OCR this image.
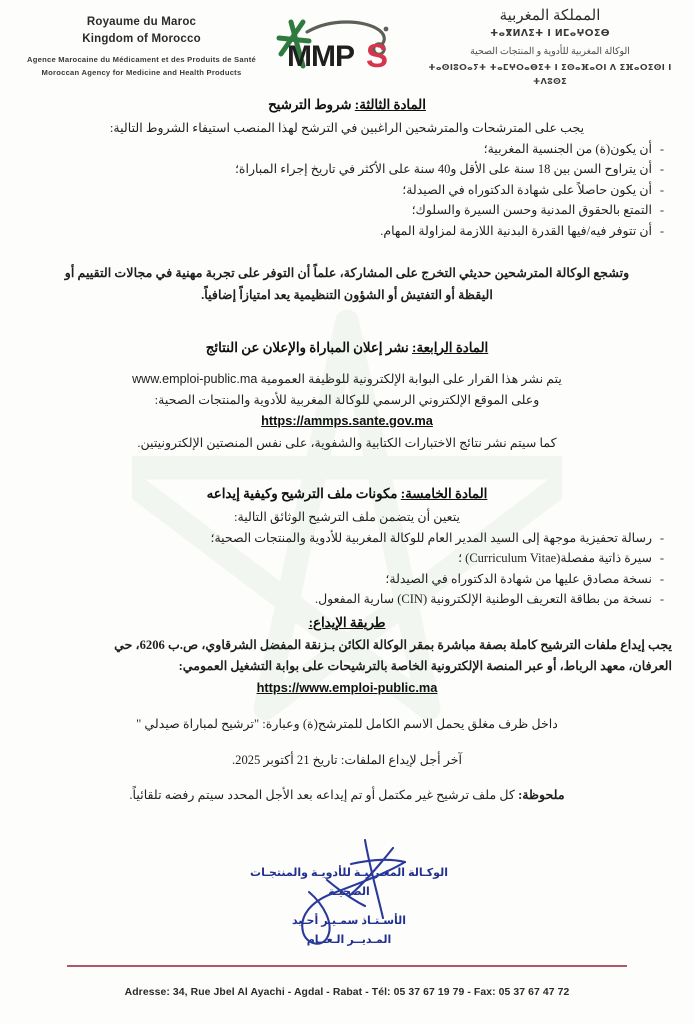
Royaume du Maroc
Kingdom of Morocco
Agence Marocaine du Médicament et des Produits de Santé
Moroccan Agency for Medicine and Health Products	MMP S
المملكة المغربية
ⵜⴰⴳⵍⴷⵉⵜ ⵏ ⵍⵎⴰⵖⵔⵉⴱ
الوكالة المغربية للأدوية و المنتجات الصحية
ⵜⴰⵙⵏⵓⵔⴰⵢⵜ ⵜⴰⵎⵖⵔⴰⴱⵉⵜ ⵏ ⵉⵙⴰⴼⴰⵔⵏ ⴷ ⵉⴼⴰⵔⵉⵙⵏ ⵏ ⵜⴷⵓⵙⵉ
المادة الثالثة: شروط الترشيح
يجب على المترشحات والمترشحين الراغبين في الترشح لهذا المنصب استيفاء الشروط التالية:
-أن يكون(ة) من الجنسية المغربية؛
-أن يتراوح السن بين 18 سنة على الأقل و40 سنة على الأكثر في تاريخ إجراء المباراة؛
-أن يكون حاصلاً على شهادة الدكتوراه في الصيدلة؛
-التمتع بالحقوق المدنية وحسن السيرة والسلوك؛
-أن تتوفر فيه/فيها القدرة البدنية اللازمة لمزاولة المهام.
وتشجع الوكالة المترشحين حديثي التخرج على المشاركة، علماً أن التوفر على تجربة مهنية في مجالات التقييم أو
اليقظة أو التفتيش أو الشؤون التنظيمية يعد امتيازاً إضافياً.
المادة الرابعة: نشر إعلان المباراة والإعلان عن النتائج
يتم نشر هذا القرار على البوابة الإلكترونية للوظيفة العمومية www.emploi-public.ma
وعلى الموقع الإلكتروني الرسمي للوكالة المغربية للأدوية والمنتجات الصحية:
https://ammps.sante.gov.ma
كما سيتم نشر نتائج الاختبارات الكتابية والشفوية، على نفس المنصتين الإلكترونيتين.
المادة الخامسة: مكونات ملف الترشيح وكيفية إيداعه
يتعين أن يتضمن ملف الترشيح الوثائق التالية:
-رسالة تحفيزية موجهة إلى السيد المدير العام للوكالة المغربية للأدوية والمنتجات الصحية؛
-سيرة ذاتية مفصلة(Curriculum Vitae) ؛
-نسخة مصادق عليها من شهادة الدكتوراه في الصيدلة؛
-نسخة من بطاقة التعريف الوطنية الإلكترونية (CIN) سارية المفعول.
طريقة الإيداع:
يجب إيداع ملفات الترشيح كاملة بصفة مباشرة بمقر الوكالة الكائن بـزنقة المفضل الشرقاوي، ص.ب 6206، حي
العرفان، معهد الرباط، أو عبر المنصة الإلكترونية الخاصة بالترشيحات على بوابة التشغيل العمومي:
https://www.emploi-public.ma
داخل ظرف مغلق يحمل الاسم الكامل للمترشح(ة) وعبارة: "ترشيح لمباراة صيدلي "
آخر أجل لإيداع الملفات: تاريخ 21 أكتوبر 2025.
ملحوظة: كل ملف ترشيح غير مكتمل أو تم إيداعه بعد الأجل المحدد سيتم رفضه تلقائياً.
الوكـالة المغـربيـة للأدويـة والمنتجـات
الصحيـة
الأسـتـاذ سمـيـر أحـيد
المـديــر الـعــام
Adresse: 34, Rue Jbel Al Ayachi - Agdal - Rabat - Tél: 05 37 67 19 79 - Fax: 05 37 67 47 72
